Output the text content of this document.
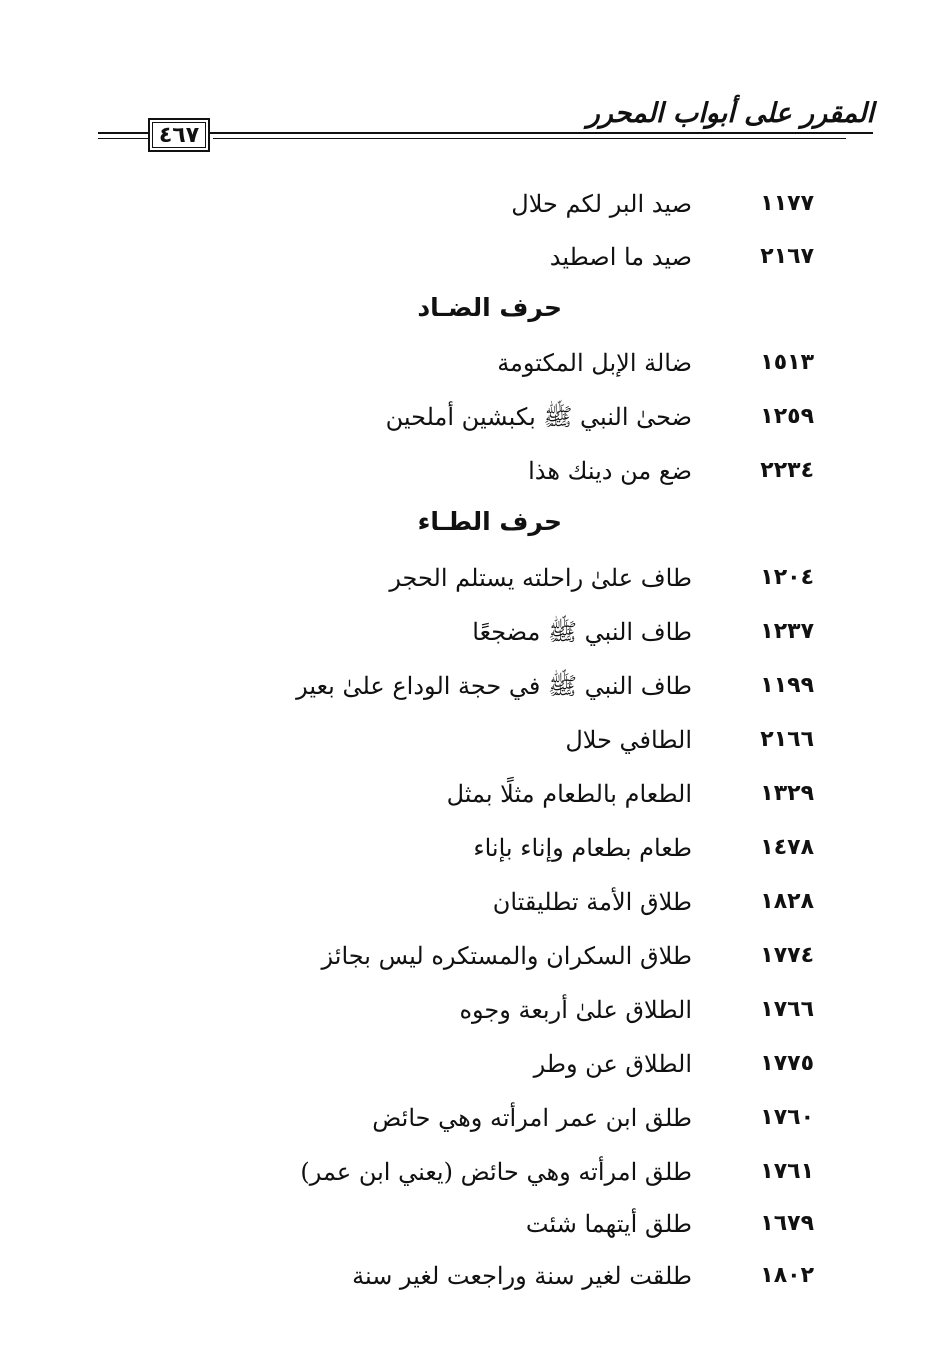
المقرر على أبواب المحرر
٤٦٧
١١٧٧
صيد البر لكم حلال
٢١٦٧
صيد ما اصطيد
حرف الضـاد
١٥١٣
ضالة الإبل المكتومة
١٢٥٩
ضحىٰ النبي ﷺ بكبشين أملحين
٢٢٣٤
ضع من دينك هذا
حرف الطـاء
١٢٠٤
طاف علىٰ راحلته يستلم الحجر
١٢٣٧
طاف النبي ﷺ مضجعًا
١١٩٩
طاف النبي ﷺ في حجة الوداع علىٰ بعير
٢١٦٦
الطافي حلال
١٣٢٩
الطعام بالطعام مثلًا بمثل
١٤٧٨
طعام بطعام وإناء بإناء
١٨٢٨
طلاق الأمة تطليقتان
١٧٧٤
طلاق السكران والمستكره ليس بجائز
١٧٦٦
الطلاق علىٰ أربعة وجوه
١٧٧٥
الطلاق عن وطر
١٧٦٠
طلق ابن عمر امرأته وهي حائض
١٧٦١
طلق امرأته وهي حائض (يعني ابن عمر)
١٦٧٩
طلق أيتهما شئت
١٨٠٢
طلقت لغير سنة وراجعت لغير سنة
